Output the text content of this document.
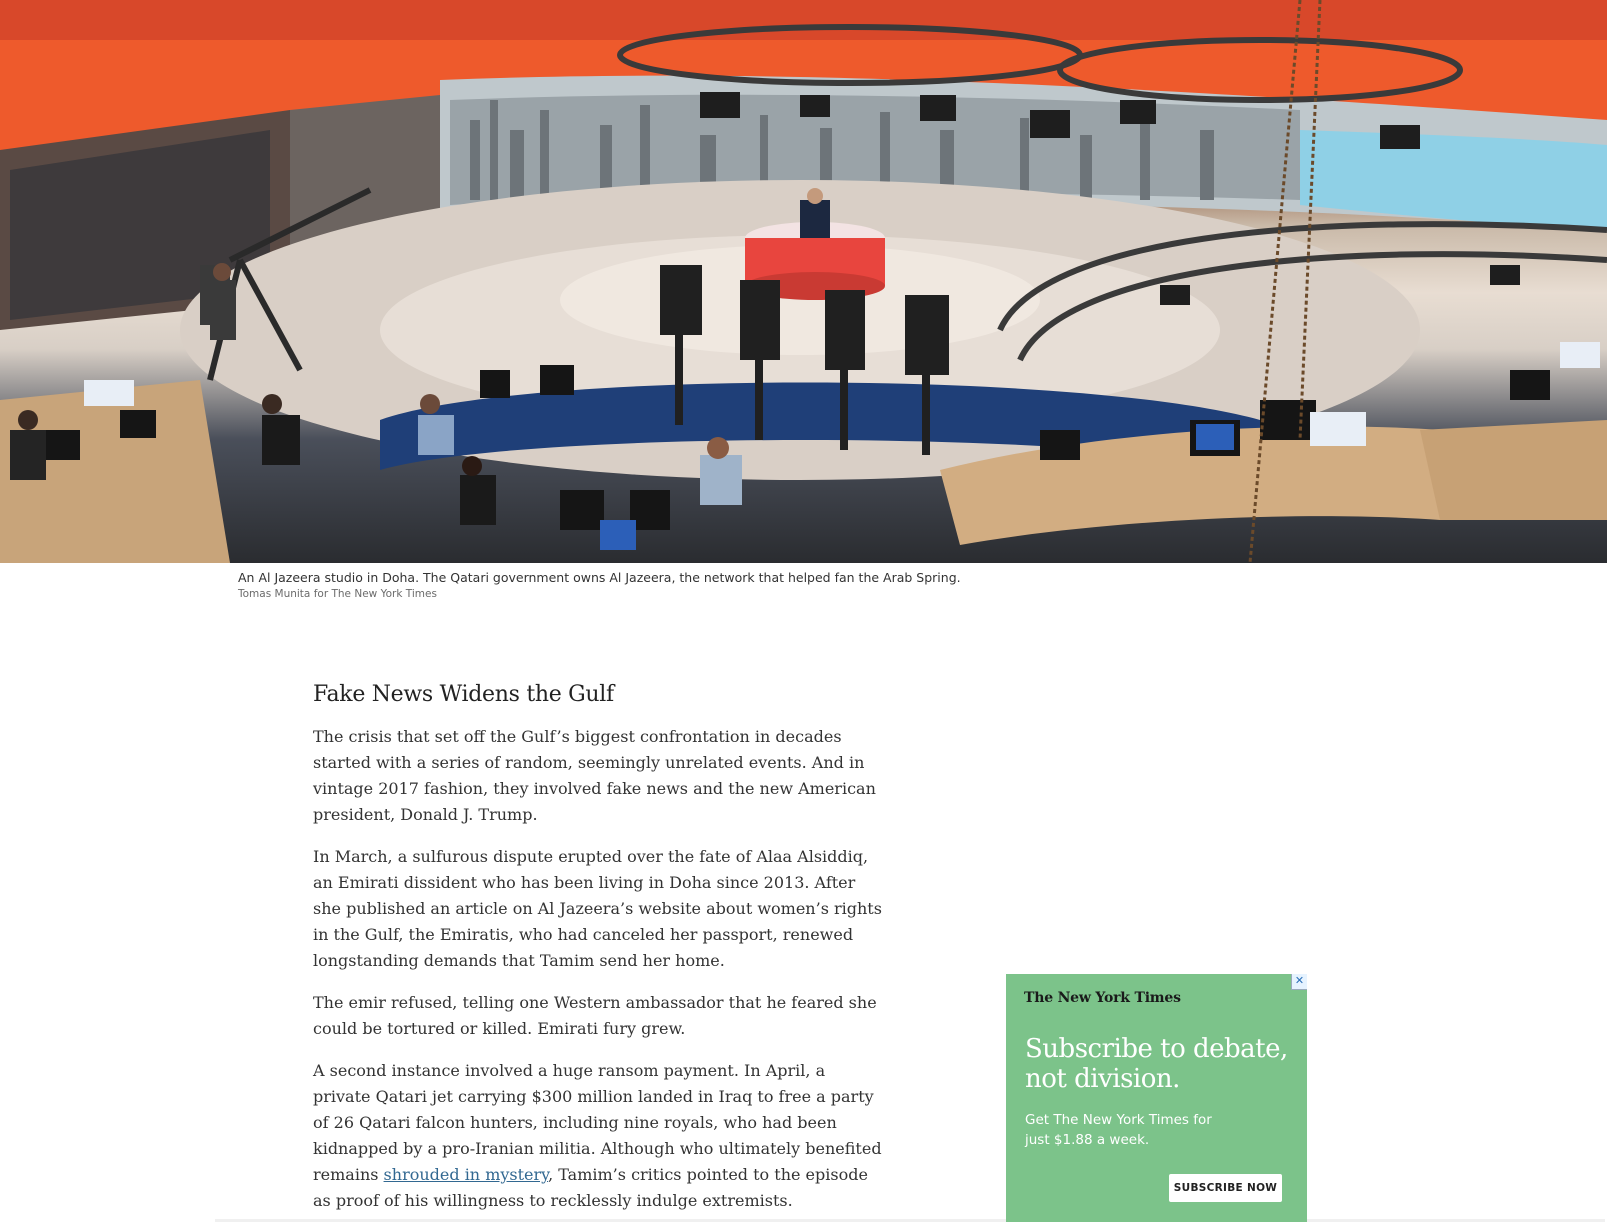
An Al Jazeera studio in Doha. The Qatari government owns Al Jazeera, the network that helped fan the Arab Spring.

Tomas Munita for The New York Times

Fake News Widens the Gulf

The crisis that set off the Gulf’s biggest confrontation in decades started with a series of random, seemingly unrelated events. And in vintage 2017 fashion, they involved fake news and the new American president, Donald J. Trump.

In March, a sulfurous dispute erupted over the fate of Alaa Alsiddiq, an Emirati dissident who has been living in Doha since 2013. After she published an article on Al Jazeera’s website about women’s rights in the Gulf, the Emiratis, who had canceled her passport, renewed longstanding demands that Tamim send her home.

The emir refused, telling one Western ambassador that he feared she could be tortured or killed. Emirati fury grew.

A second instance involved a huge ransom payment. In April, a private Qatari jet carrying $300 million landed in Iraq to free a party of 26 Qatari falcon hunters, including nine royals, who had been kidnapped by a pro-Iranian militia. Although who ultimately benefited remains shrouded in mystery, Tamim’s critics pointed to the episode as proof of his willingness to recklessly indulge extremists.

✕
The New York Times
Subscribe to debate, not division.
Get The New York Times for just $1.88 a week.
SUBSCRIBE NOW
